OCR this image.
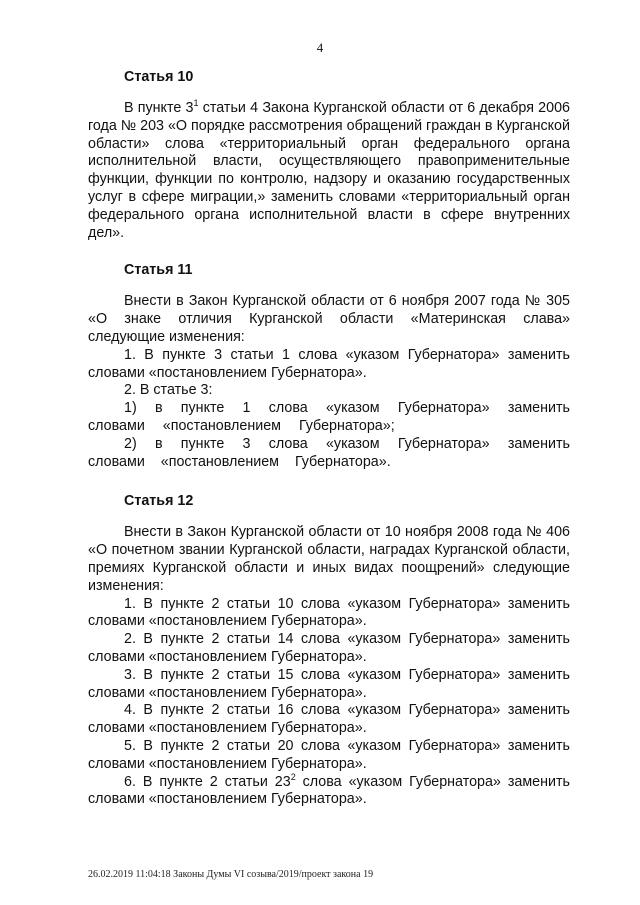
4
Статья 10

В пункте $3^1$ статьи 4 Закона Курганской области от 6 декабря 2006 года № 203 «О порядке рассмотрения обращений граждан в Курганской области» слова «территориальный орган федерального органа исполнительной власти, осуществляющего правоприменительные функции, функции по контролю, надзору и оказанию государственных услуг в сфере миграции,» заменить словами «территориальный орган федерального органа исполнительной власти в сфере внутренних дел».

Статья 11

Внести в Закон Курганской области от 6 ноября 2007 года № 305 «О знаке отличия Курганской области «Материнская слава» следующие изменения:

1. В пункте 3 статьи 1 слова «указом Губернатора» заменить словами «постановлением Губернатора».

2. В статье 3:

1) в пункте 1 слова «указом Губернатора» заменить словами «постановлением Губернатора»;

2) в пункте 3 слова «указом Губернатора» заменить словами «постановлением Губернатора».

Статья 12

Внести в Закон Курганской области от 10 ноября 2008 года № 406 «О почетном звании Курганской области, наградах Курганской области, премиях Курганской области и иных видах поощрений» следующие изменения:

1. В пункте 2 статьи 10 слова «указом Губернатора» заменить словами «постановлением Губернатора».

2. В пункте 2 статьи 14 слова «указом Губернатора» заменить словами «постановлением Губернатора».

3. В пункте 2 статьи 15 слова «указом Губернатора» заменить словами «постановлением Губернатора».

4. В пункте 2 статьи 16 слова «указом Губернатора» заменить словами «постановлением Губернатора».

5. В пункте 2 статьи 20 слова «указом Губернатора» заменить словами «постановлением Губернатора».

6. В пункте 2 статьи $23^2$ слова «указом Губернатора» заменить словами «постановлением Губернатора».

26.02.2019 11:04:18 Законы Думы VI созыва/2019/проект закона 19
